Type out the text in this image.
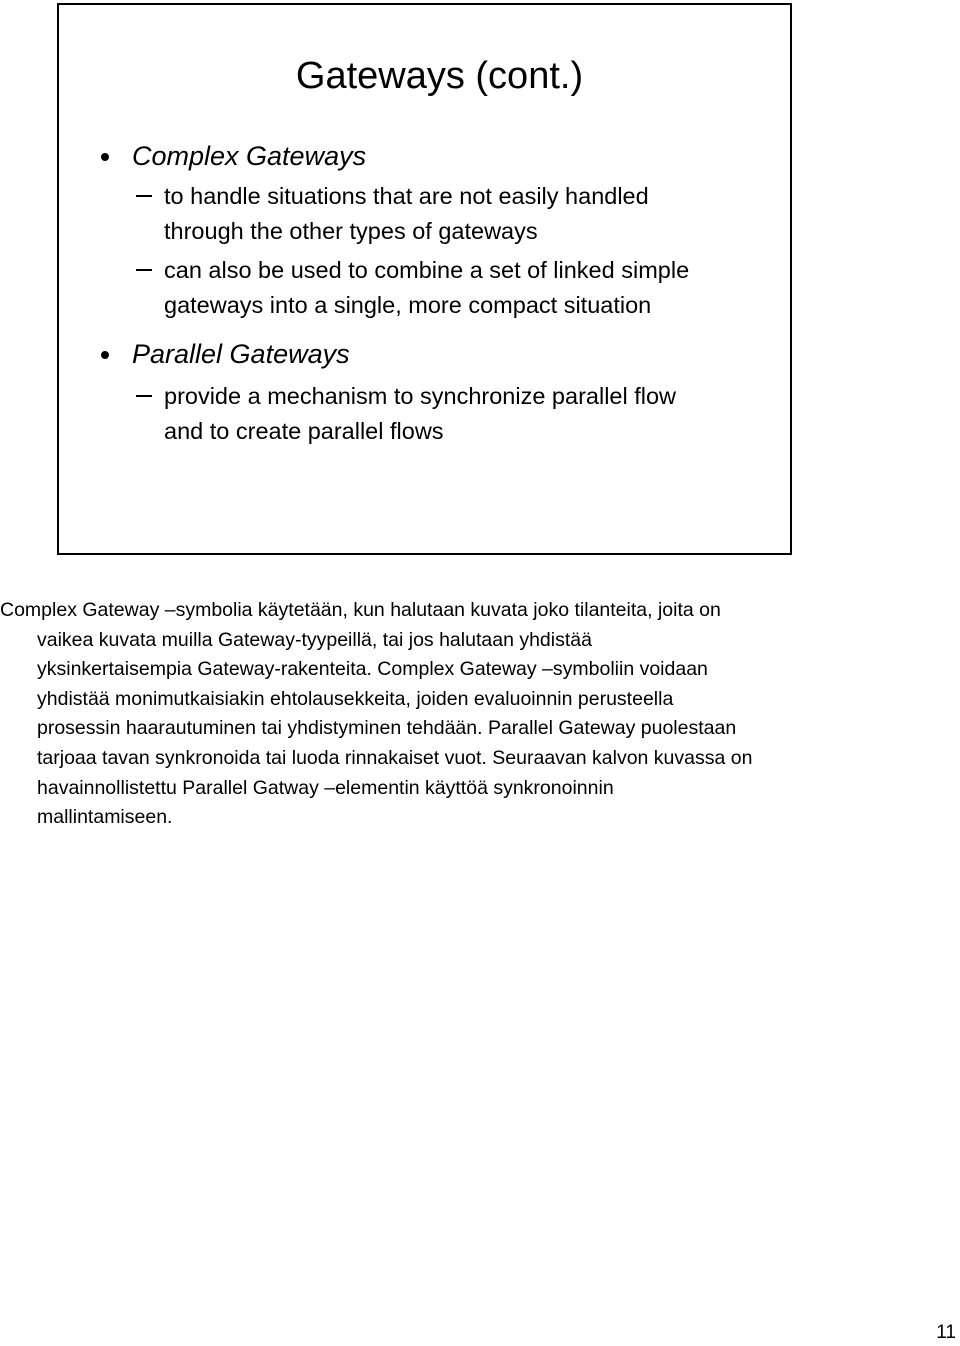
Gateways (cont.)
Complex Gateways
to handle situations that are not easily handled
through the other types of gateways
can also be used to combine a set of linked simple
gateways into a single, more compact situation
Parallel Gateways
provide a mechanism to synchronize parallel flow
and to create parallel flows
Complex Gateway –symbolia käytetään, kun halutaan kuvata joko tilanteita, joita on
vaikea kuvata muilla Gateway-tyypeillä, tai jos halutaan yhdistää
yksinkertaisempia Gateway-rakenteita. Complex Gateway –symboliin voidaan
yhdistää monimutkaisiakin ehtolausekkeita, joiden evaluoinnin perusteella
prosessin haarautuminen tai yhdistyminen tehdään. Parallel Gateway puolestaan
tarjoaa tavan synkronoida tai luoda rinnakaiset vuot. Seuraavan kalvon kuvassa on
havainnollistettu Parallel Gatway –elementin käyttöä synkronoinnin
mallintamiseen.
11
